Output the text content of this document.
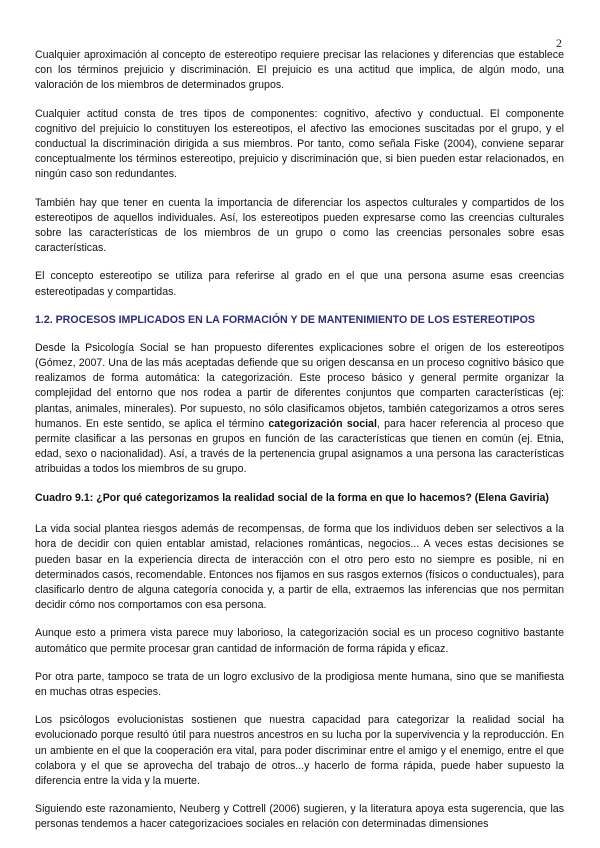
2

Cualquier aproximación al concepto de estereotipo requiere precisar las relaciones y diferencias que establece con los términos prejuicio y discriminación. El prejuicio es una actitud que implica, de algún modo, una valoración de los miembros de determinados grupos.

Cualquier actitud consta de tres tipos de componentes: cognitivo, afectivo y conductual. El componente cognitivo del prejuicio lo constituyen los estereotipos, el afectivo las emociones suscitadas por el grupo, y el conductual la discriminación dirigida a sus miembros. Por tanto, como señala Fiske (2004), conviene separar conceptualmente los términos estereotipo, prejuicio y discriminación que, si bien pueden estar relacionados, en ningún caso son redundantes.

También hay que tener en cuenta la importancia de diferenciar los aspectos culturales y compartidos de los estereotipos de aquellos individuales. Así, los estereotipos pueden expresarse como las creencias culturales sobre las características de los miembros de un grupo o como las creencias personales sobre esas características.

El concepto estereotipo se utiliza para referirse al grado en el que una persona asume esas creencias estereotipadas y compartidas.

1.2. PROCESOS IMPLICADOS EN LA FORMACIÓN Y DE MANTENIMIENTO DE LOS ESTEREOTIPOS

Desde la Psicología Social se han propuesto diferentes explicaciones sobre el origen de los estereotipos (Gómez, 2007. Una de las más aceptadas defiende que su origen descansa en un proceso cognitivo básico que realizamos de forma automática: la categorización. Este proceso básico y general permite organizar la complejidad del entorno que nos rodea a partir de diferentes conjuntos que comparten características (ej: plantas, animales, minerales). Por supuesto, no sólo clasificamos objetos, también categorizamos a otros seres humanos. En este sentido, se aplica el término categorización social, para hacer referencia al proceso que permite clasificar a las personas en grupos en función de las características que tienen en común (ej. Etnia, edad, sexo o nacionalidad). Así, a través de la pertenencia grupal asignamos a una persona las características atribuidas a todos los miembros de su grupo.

Cuadro 9.1: ¿Por qué categorizamos la realidad social de la forma en que lo hacemos? (Elena Gaviria)

La vida social plantea riesgos además de recompensas, de forma que los individuos deben ser selectivos a la hora de decidir con quien entablar amistad, relaciones románticas, negocios... A veces estas decisiones se pueden basar en la experiencia directa de interacción con el otro pero esto no siempre es posible, ni en determinados casos, recomendable. Entonces nos fijamos en sus rasgos externos (físicos o conductuales), para clasificarlo dentro de alguna categoría conocida y, a partir de ella, extraemos las inferencias que nos permitan decidir cómo nos comportamos con esa persona.

Aunque esto a primera vista parece muy laborioso, la categorización social es un proceso cognitivo bastante automático que permite procesar gran cantidad de información de forma rápida y eficaz.

Por otra parte, tampoco se trata de un logro exclusivo de la prodigiosa mente humana, sino que se manifiesta en muchas otras especies.

Los psicólogos evolucionistas sostienen que nuestra capacidad para categorizar la realidad social ha evolucionado porque resultó útil para nuestros ancestros en su lucha por la supervivencia y la reproducción. En un ambiente en el que la cooperación era vital, para poder discriminar entre el amigo y el enemigo, entre el que colabora y el que se aprovecha del trabajo de otros...y hacerlo de forma rápida, puede haber supuesto la diferencia entre la vida y la muerte.

Siguiendo este razonamiento, Neuberg y Cottrell (2006) sugieren, y la literatura apoya esta sugerencia, que las personas tendemos a hacer categorizacioes sociales en relación con determinadas dimensiones
